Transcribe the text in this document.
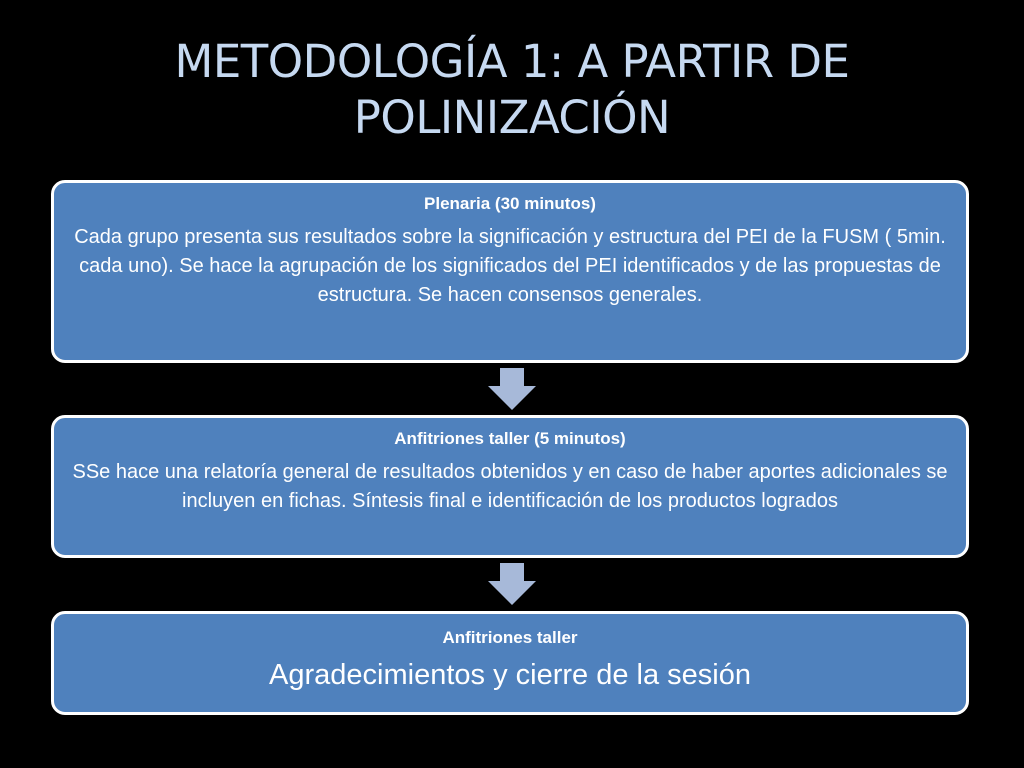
METODOLOGÍA 1: A PARTIR DE
POLINIZACIÓN
Plenaria (30 minutos)
Cada grupo presenta sus resultados sobre la significación y estructura del PEI de la FUSM ( 5min. cada uno). Se hace la agrupación de los significados del PEI identificados y de las propuestas de estructura. Se hacen consensos generales.
Anfitriones taller (5 minutos)
SSe hace una relatoría general de resultados obtenidos y en caso de haber aportes adicionales se incluyen en fichas. Síntesis final e identificación de los productos logrados
Anfitriones taller
Agradecimientos y cierre de la sesión
